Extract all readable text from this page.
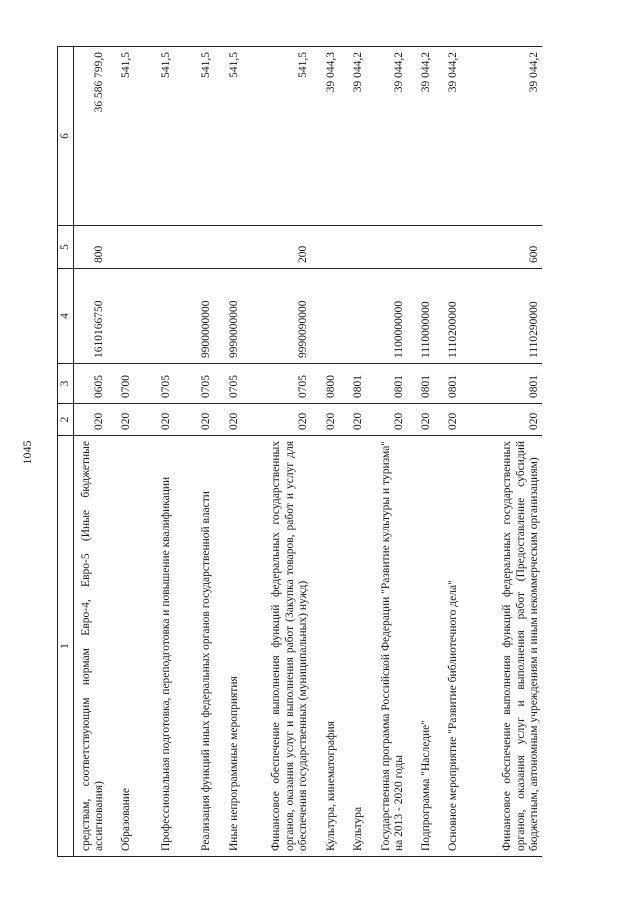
1045
1	2	3	4	5	6
средствам, соответствующим нормам Евро-4, Евро-5 (Иные бюджетные ассигнования)	020	0605	1610166750	800	36 586 799,0
Образование	020	0700			541,5
Профессиональная подготовка, переподготовка и повышение квалификации	020	0705			541,5
Реализация функций иных федеральных органов государственной власти	020	0705	9900000000		541,5
Иные непрограммные мероприятия	020	0705	9990000000		541,5
Финансовое обеспечение выполнения функций федеральных государственных органов, оказания услуг и выполнения работ (Закупка товаров, работ и услуг для обеспечения государственных (муниципальных) нужд)	020	0705	9990090000	200	541,5
Культура, кинематография	020	0800			39 044,3
Культура	020	0801			39 044,2
Государственная программа Российской Федерации "Развитие культуры и туризма" на 2013 - 2020 годы	020	0801	1100000000		39 044,2
Подпрограмма "Наследие"	020	0801	1110000000		39 044,2
Основное мероприятие "Развитие библиотечного дела"	020	0801	1110200000		39 044,2
Финансовое обеспечение выполнения функций федеральных государственных органов, оказания услуг и выполнения работ (Предоставление субсидий бюджетным, автономным учреждениям и иным некоммерческим организациям)	020	0801	1110290000	600	39 044,2
